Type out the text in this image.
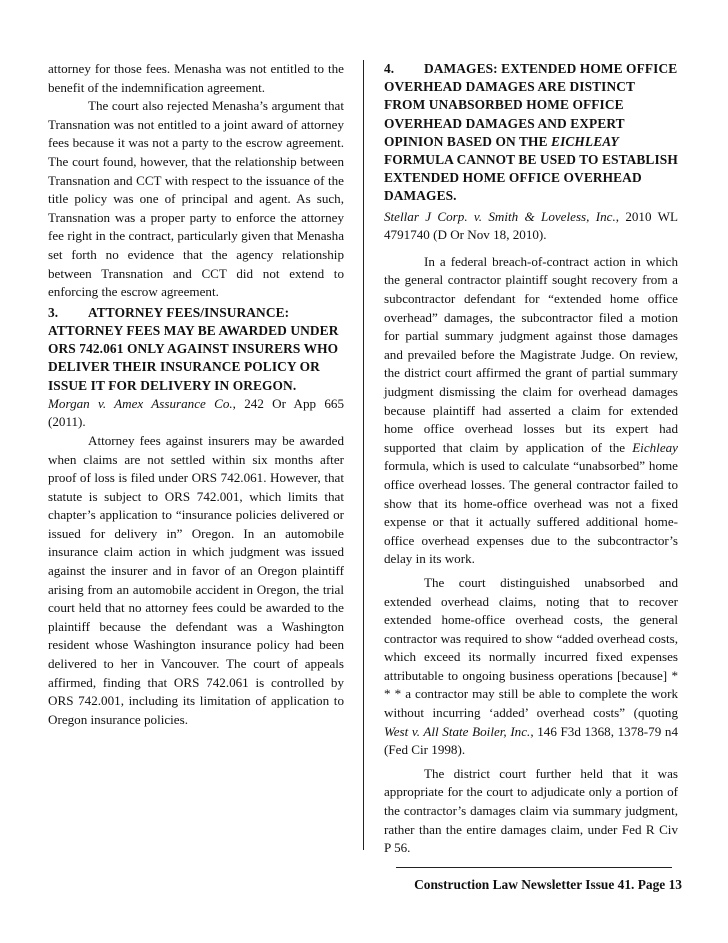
attorney for those fees. Menasha was not entitled to the benefit of the indemnification agreement.

The court also rejected Menasha’s argument that Transnation was not entitled to a joint award of attorney fees because it was not a party to the escrow agreement. The court found, however, that the relationship between Transnation and CCT with respect to the issuance of the title policy was one of principal and agent. As such, Transnation was a proper party to enforce the attorney fee right in the contract, particularly given that Menasha set forth no evidence that the agency relationship between Transnation and CCT did not extend to enforcing the escrow agreement.

3. ATTORNEY FEES/INSURANCE: ATTORNEY FEES MAY BE AWARDED UNDER ORS 742.061 ONLY AGAINST INSURERS WHO DELIVER THEIR INSURANCE POLICY OR ISSUE IT FOR DELIVERY IN OREGON.

Morgan v. Amex Assurance Co., 242 Or App 665 (2011).

Attorney fees against insurers may be awarded when claims are not settled within six months after proof of loss is filed under ORS 742.061. However, that statute is subject to ORS 742.001, which limits that chapter’s application to “insurance policies delivered or issued for delivery in” Oregon. In an automobile insurance claim action in which judgment was issued against the insurer and in favor of an Oregon plaintiff arising from an automobile accident in Oregon, the trial court held that no attorney fees could be awarded to the plaintiff because the defendant was a Washington resident whose Washington insurance policy had been delivered to her in Vancouver. The court of appeals affirmed, finding that ORS 742.061 is controlled by ORS 742.001, including its limitation of application to Oregon insurance policies.

4. DAMAGES: EXTENDED HOME OFFICE OVERHEAD DAMAGES ARE DISTINCT FROM UNABSORBED HOME OFFICE OVERHEAD DAMAGES AND EXPERT OPINION BASED ON THE EICHLEAY FORMULA CANNOT BE USED TO ESTABLISH EXTENDED HOME OFFICE OVERHEAD DAMAGES.

Stellar J Corp. v. Smith & Loveless, Inc., 2010 WL 4791740 (D Or Nov 18, 2010).

In a federal breach-of-contract action in which the general contractor plaintiff sought recovery from a subcontractor defendant for “extended home office overhead” damages, the subcontractor filed a motion for partial summary judgment against those damages and prevailed before the Magistrate Judge. On review, the district court affirmed the grant of partial summary judgment dismissing the claim for overhead damages because plaintiff had asserted a claim for extended home office overhead losses but its expert had supported that claim by application of the Eichleay formula, which is used to calculate “unabsorbed” home office overhead losses. The general contractor failed to show that its home-office overhead was not a fixed expense or that it actually suffered additional home-office overhead expenses due to the subcontractor’s delay in its work.

The court distinguished unabsorbed and extended overhead claims, noting that to recover extended home-office overhead costs, the general contractor was required to show “added overhead costs, which exceed its normally incurred fixed expenses attributable to ongoing business operations [because] * * * a contractor may still be able to complete the work without incurring ‘added’ overhead costs” (quoting West v. All State Boiler, Inc., 146 F3d 1368, 1378-79 n4 (Fed Cir 1998).

The district court further held that it was appropriate for the court to adjudicate only a portion of the contractor’s damages claim via summary judgment, rather than the entire damages claim, under Fed R Civ P 56.

Construction Law Newsletter Issue 41. Page 13
